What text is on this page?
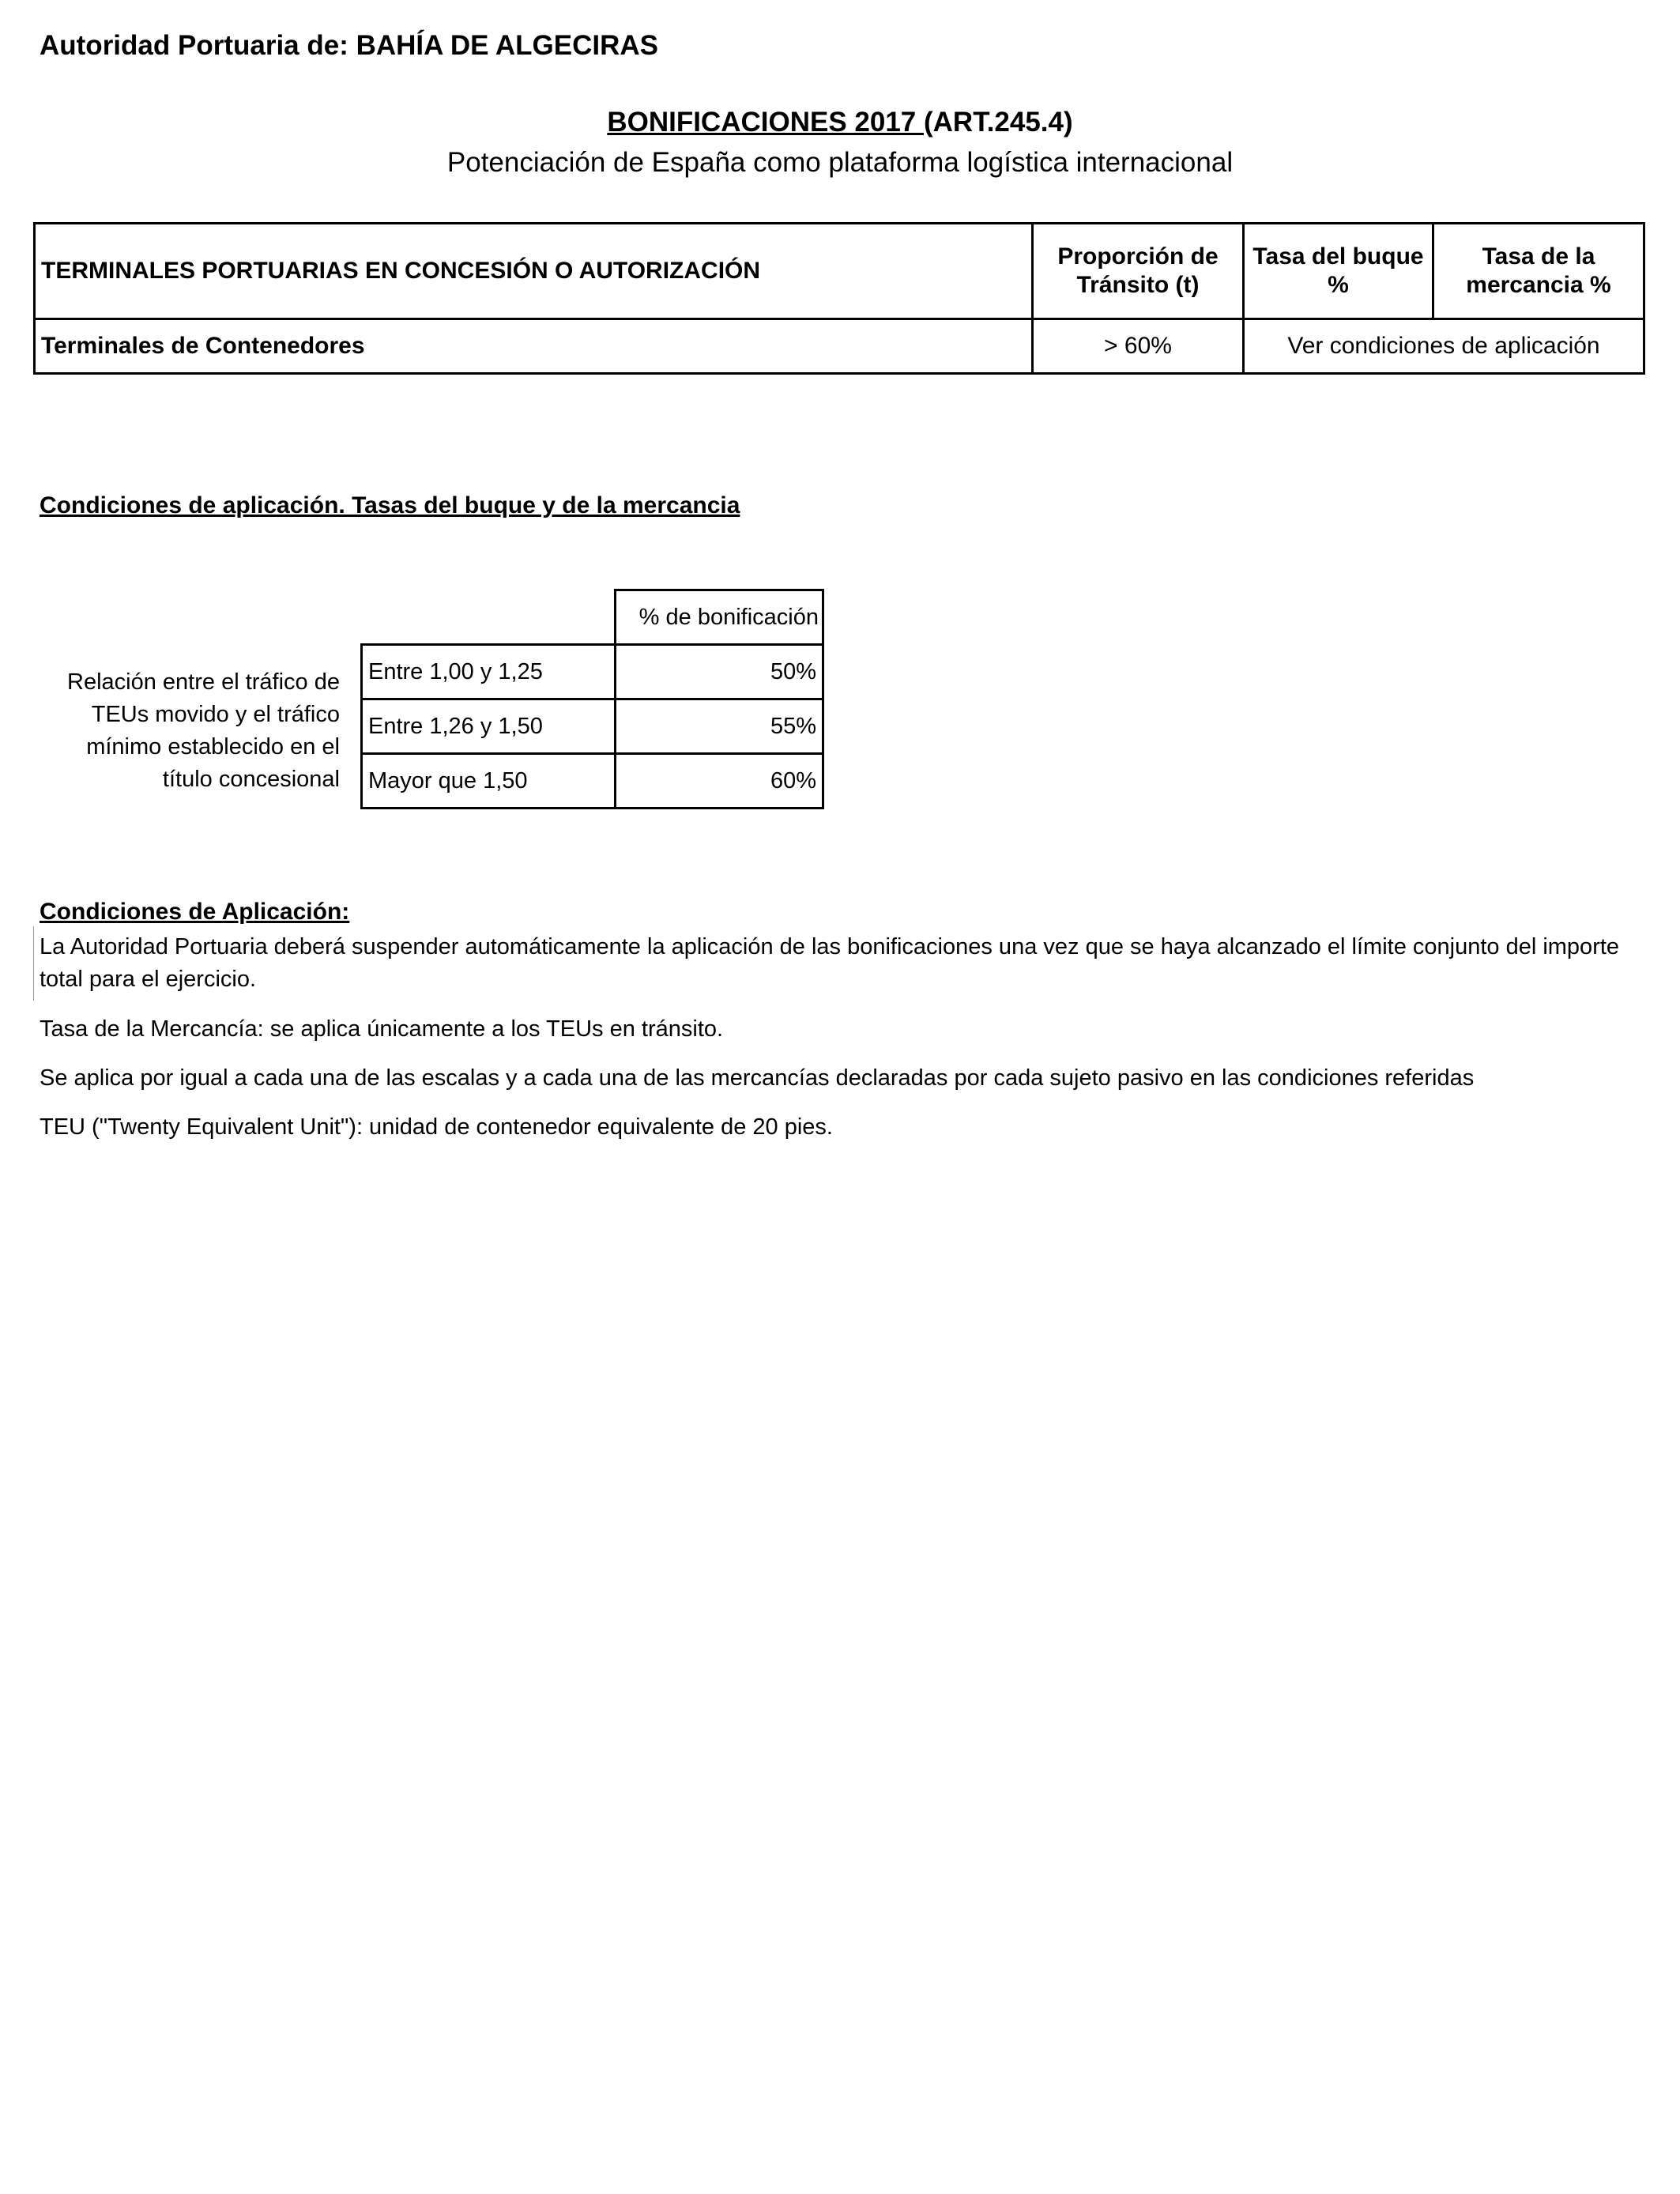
Autoridad Portuaria de: BAHÍA DE ALGECIRAS
BONIFICACIONES 2017 (ART.245.4)
Potenciación de España como plataforma logística internacional
TERMINALES PORTUARIAS EN CONCESIÓN O AUTORIZACIÓN	Proporción de Tránsito (t)	Tasa del buque %	Tasa de la mercancia %
Terminales de Contenedores	> 60%	Ver condiciones de aplicación	
Condiciones de aplicación. Tasas del buque y de la mercancia
Relación entre el tráfico de TEUs movido y el tráfico mínimo establecido en el título concesional
	% de bonificación
Entre 1,00 y 1,25	50%
Entre 1,26 y 1,50	55%
Mayor que 1,50	60%
Condiciones de Aplicación:
La Autoridad Portuaria deberá suspender automáticamente la aplicación de las bonificaciones una vez que se haya alcanzado el límite conjunto del importe total para el ejercicio.
Tasa de la Mercancía: se aplica únicamente a los TEUs en tránsito.
Se aplica por igual a cada una de las escalas y a cada una de las mercancías declaradas por cada sujeto pasivo en las condiciones referidas
TEU ("Twenty Equivalent Unit"): unidad de contenedor equivalente de 20 pies.
